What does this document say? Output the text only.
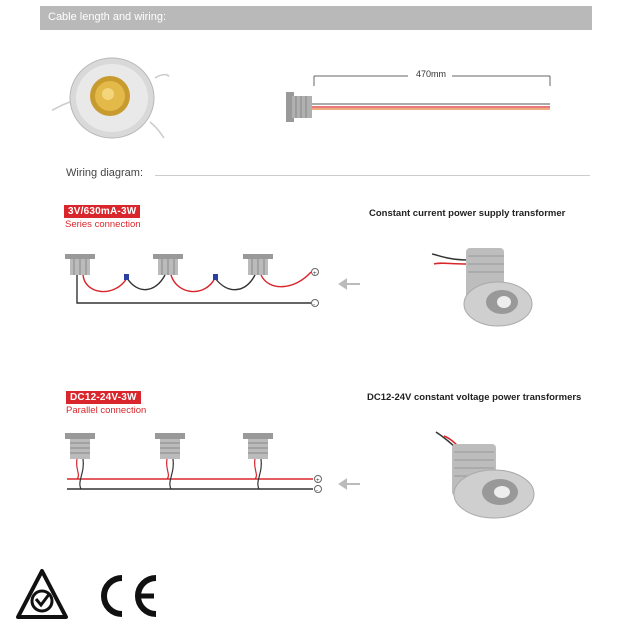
Cable length and wiring:
470mm
Wiring diagram:
3V/630mA-3W
Series connection
Constant current power supply transformer
+
-
DC12-24V-3W
Parallel connection
DC12-24V constant voltage power transformers
+
-
